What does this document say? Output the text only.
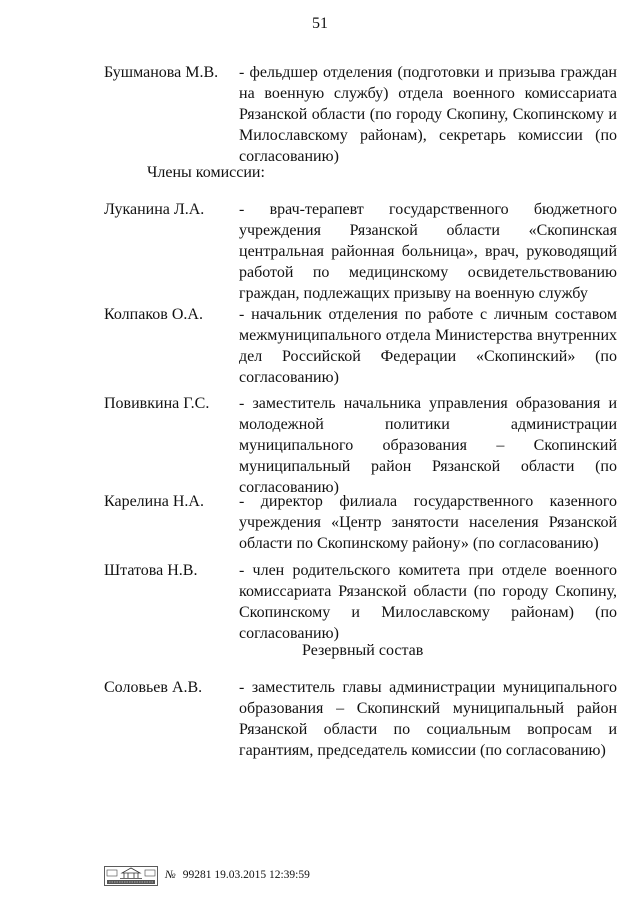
51
Бушманова М.В.	- фельдшер отделения (подготовки и призыва граждан на военную службу) отдела военного комиссариата Рязанской области (по городу Скопину, Скопинскому и Милославскому районам), секретарь комиссии (по согласованию)

Члены комиссии:
Луканина Л.А.	- врач-терапевт государственного бюджетного учреждения Рязанской области «Скопинская центральная районная больница», врач, руководящий работой по медицинскому освидетельствованию граждан, подлежащих призыву на военную службу

Колпаков О.А.	- начальник отделения по работе с личным составом межмуниципального отдела Министерства внутренних дел Российской Федерации «Скопинский» (по согласованию)

Повивкина Г.С.	- заместитель начальника управления образования и молодежной политики администрации муниципального образования – Скопинский муниципальный район Рязанской области (по согласованию)

Карелина Н.А.	- директор филиала государственного казенного учреждения «Центр занятости населения Рязанской области по Скопинскому району» (по согласованию)

Штатова Н.В.	- член родительского комитета при отделе военного комиссариата Рязанской области (по городу Скопину, Скопинскому и Милославскому районам) (по согласованию)

Резервный состав
Соловьев А.В.	- заместитель главы администрации муниципального образования – Скопинский муниципальный район Рязанской области по социальным вопросам и гарантиям, председатель комиссии (по согласованию)

№ 99281 19.03.2015 12:39:59
